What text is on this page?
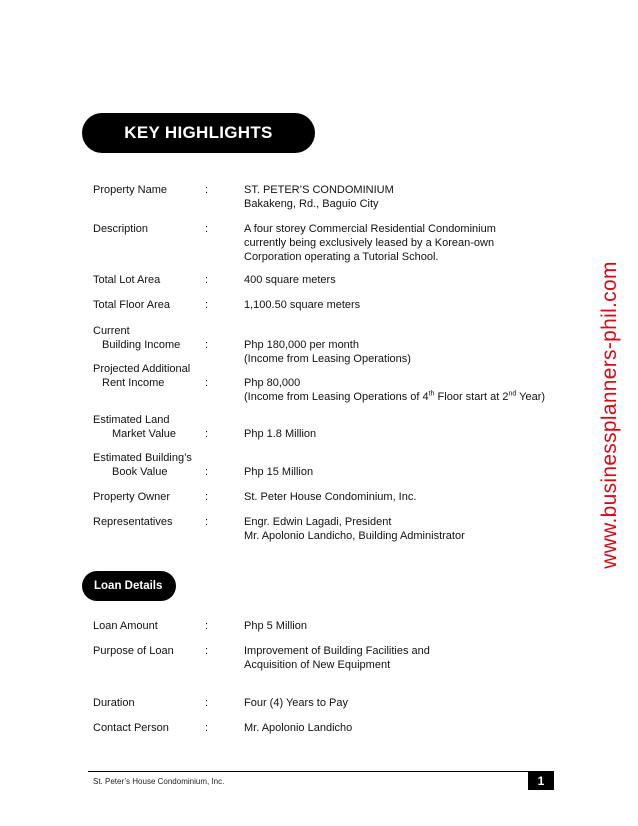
KEY HIGHLIGHTS
Property Name	:	ST. PETER’S CONDOMINIUM
Bakakeng, Rd., Baguio City
Description	:	A four storey Commercial Residential Condominium
currently being exclusively leased by a Korean-own
Corporation operating a Tutorial School.
Total Lot Area	:	400 square meters
Total Floor Area	:	1,100.50 square meters
Current
Building Income	:	Php 180,000 per month
(Income from Leasing Operations)
Projected Additional
Rent Income	:	Php 80,000
(Income from Leasing Operations of 4th Floor start at 2nd Year)
Estimated Land
Market Value	:	Php 1.8 Million
Estimated Building’s
Book Value	:	Php 15 Million
Property Owner	:	St. Peter House Condominium, Inc.
Representatives	:	Engr. Edwin Lagadi, President
Mr. Apolonio Landicho, Building Administrator
Loan Details
Loan Amount	:	Php 5 Million
Purpose of Loan	:	Improvement of Building Facilities and
Acquisition of New Equipment
Duration	:	Four (4) Years to Pay
Contact Person	:	Mr. Apolonio Landicho
www.businessplanners-phil.com
St. Peter’s House Condominium, Inc.	1
